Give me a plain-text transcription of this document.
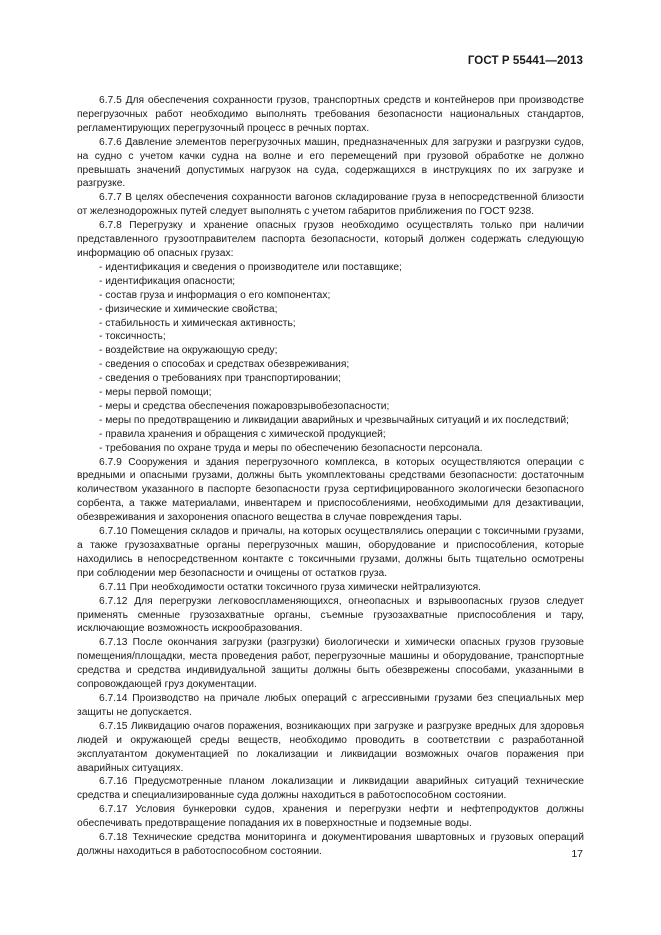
ГОСТ Р 55441—2013

6.7.5 Для обеспечения сохранности грузов, транспортных средств и контейнеров при производстве перегрузочных работ необходимо выполнять требования безопасности национальных стандартов, регламентирующих перегрузочный процесс в речных портах.

6.7.6 Давление элементов перегрузочных машин, предназначенных для загрузки и разгрузки судов, на судно с учетом качки судна на волне и его перемещений при грузовой обработке не должно превышать значений допустимых нагрузок на суда, содержащихся в инструкциях по их загрузке и разгрузке.

6.7.7 В целях обеспечения сохранности вагонов складирование груза в непосредственной близости от железнодорожных путей следует выполнять с учетом габаритов приближения по ГОСТ 9238.

6.7.8 Перегрузку и хранение опасных грузов необходимо осуществлять только при наличии представленного грузоотправителем паспорта безопасности, который должен содержать следующую информацию об опасных грузах:

- идентификация и сведения о производителе или поставщике;

- идентификация опасности;

- состав груза и информация о его компонентах;

- физические и химические свойства;

- стабильность и химическая активность;

- токсичность;

- воздействие на окружающую среду;

- сведения о способах и средствах обезвреживания;

- сведения о требованиях при транспортировании;

- меры первой помощи;

- меры и средства обеспечения пожаровзрывобезопасности;

- меры по предотвращению и ликвидации аварийных и чрезвычайных ситуаций и их последствий;

- правила хранения и обращения с химической продукцией;

- требования по охране труда и меры по обеспечению безопасности персонала.

6.7.9 Сооружения и здания перегрузочного комплекса, в которых осуществляются операции с вредными и опасными грузами, должны быть укомплектованы средствами безопасности: достаточным количеством указанного в паспорте безопасности груза сертифицированного экологически безопасного сорбента, а также материалами, инвентарем и приспособлениями, необходимыми для дезактивации, обезвреживания и захоронения опасного вещества в случае повреждения тары.

6.7.10 Помещения складов и причалы, на которых осуществлялись операции с токсичными грузами, а также грузозахватные органы перегрузочных машин, оборудование и приспособления, которые находились в непосредственном контакте с токсичными грузами, должны быть тщательно осмотрены при соблюдении мер безопасности и очищены от остатков груза.

6.7.11 При необходимости остатки токсичного груза химически нейтрализуются.

6.7.12 Для перегрузки легковоспламеняющихся, огнеопасных и взрывоопасных грузов следует применять сменные грузозахватные органы, съемные грузозахватные приспособления и тару, исключающие возможность искрообразования.

6.7.13 После окончания загрузки (разгрузки) биологически и химически опасных грузов грузовые помещения/площадки, места проведения работ, перегрузочные машины и оборудование, транспортные средства и средства индивидуальной защиты должны быть обезврежены способами, указанными в сопровождающей груз документации.

6.7.14 Производство на причале любых операций с агрессивными грузами без специальных мер защиты не допускается.

6.7.15 Ликвидацию очагов поражения, возникающих при загрузке и разгрузке вредных для здоровья людей и окружающей среды веществ, необходимо проводить в соответствии с разработанной эксплуатантом документацией по локализации и ликвидации возможных очагов поражения при аварийных ситуациях.

6.7.16 Предусмотренные планом локализации и ликвидации аварийных ситуаций технические средства и специализированные суда должны находиться в работоспособном состоянии.

6.7.17 Условия бункеровки судов, хранения и перегрузки нефти и нефтепродуктов должны обеспечивать предотвращение попадания их в поверхностные и подземные воды.

6.7.18 Технические средства мониторинга и документирования швартовных и грузовых операций должны находиться в работоспособном состоянии.	17
